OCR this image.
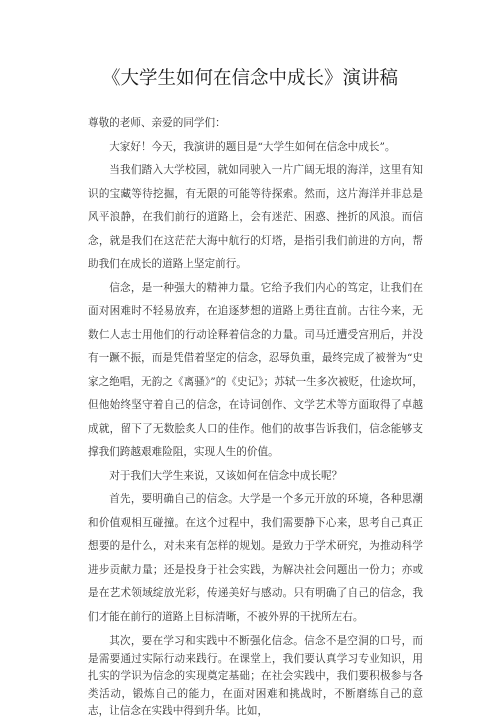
《大学生如何在信念中成长》演讲稿

尊敬的老师、亲爱的同学们：

大家好！今天，我演讲的题目是“大学生如何在信念中成长”。

当我们踏入大学校园，就如同驶入一片广阔无垠的海洋，这里有知识的宝藏等待挖掘，有无限的可能等待探索。然而，这片海洋并非总是风平浪静，在我们前行的道路上，会有迷茫、困惑、挫折的风浪。而信念，就是我们在这茫茫大海中航行的灯塔，是指引我们前进的方向，帮助我们在成长的道路上坚定前行。

信念，是一种强大的精神力量。它给予我们内心的笃定，让我们在面对困难时不轻易放弃，在追逐梦想的道路上勇往直前。古往今来，无数仁人志士用他们的行动诠释着信念的力量。司马迁遭受宫刑后，并没有一蹶不振，而是凭借着坚定的信念，忍辱负重，最终完成了被誉为“史家之绝唱，无韵之《离骚》”的《史记》；苏轼一生多次被贬，仕途坎坷，但他始终坚守着自己的信念，在诗词创作、文学艺术等方面取得了卓越成就，留下了无数脍炙人口的佳作。他们的故事告诉我们，信念能够支撑我们跨越艰难险阻，实现人生的价值。

对于我们大学生来说，又该如何在信念中成长呢？

首先，要明确自己的信念。大学是一个多元开放的环境，各种思潮和价值观相互碰撞。在这个过程中，我们需要静下心来，思考自己真正想要的是什么，对未来有怎样的规划。是致力于学术研究，为推动科学进步贡献力量；还是投身于社会实践，为解决社会问题出一份力；亦或是在艺术领域绽放光彩，传递美好与感动。只有明确了自己的信念，我们才能在前行的道路上目标清晰，不被外界的干扰所左右。

其次，要在学习和实践中不断强化信念。信念不是空洞的口号，而是需要通过实际行动来践行。在课堂上，我们要认真学习专业知识，用扎实的学识为信念的实现奠定基础；在社会实践中，我们要积极参与各类活动，锻炼自己的能力，在面对困难和挑战时，不断磨练自己的意志，让信念在实践中得到升华。比如，
